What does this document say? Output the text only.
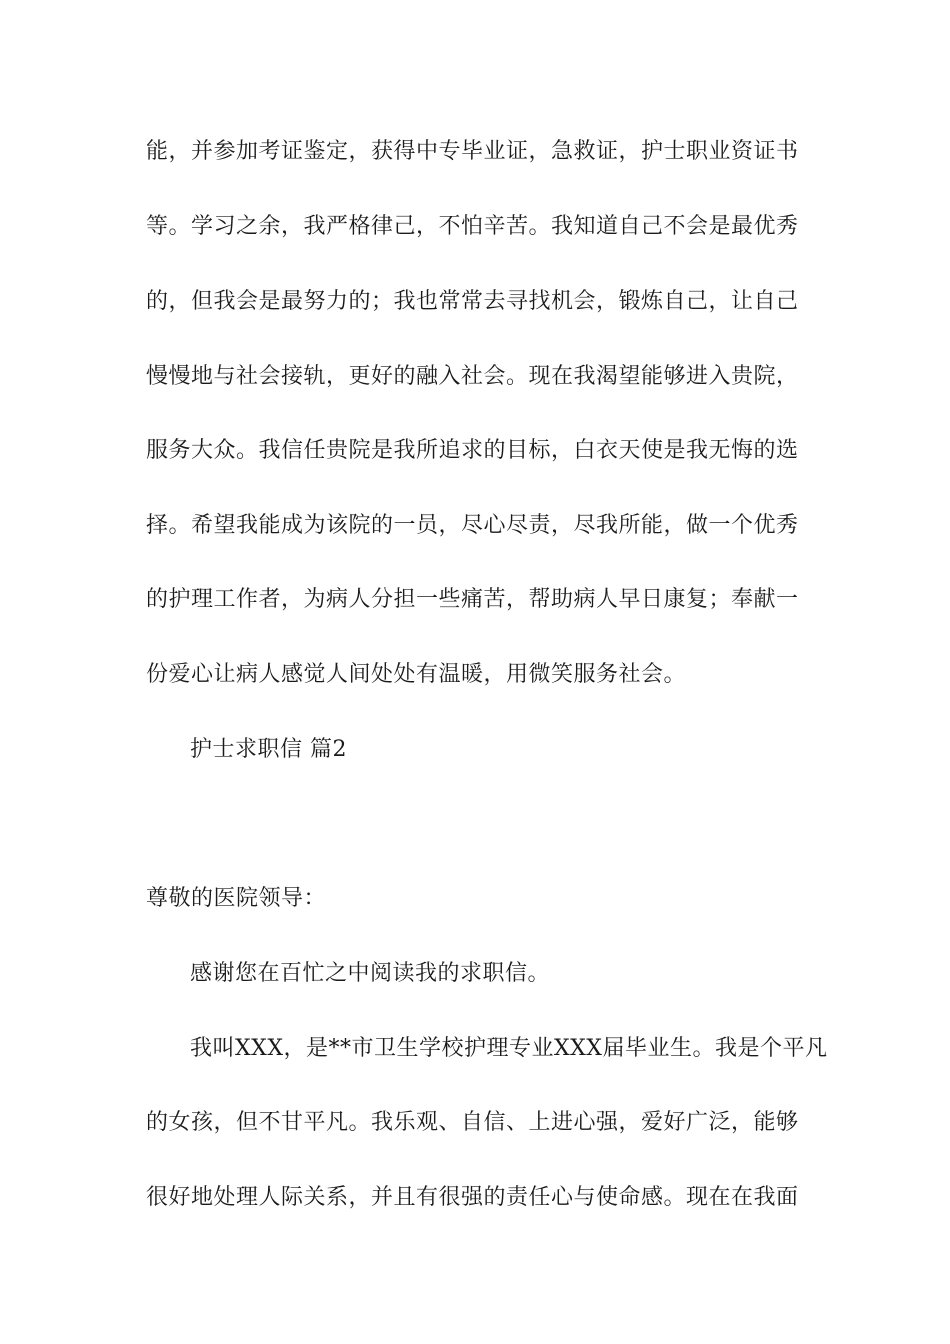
能，并参加考证鉴定，获得中专毕业证，急救证，护士职业资证书
等。学习之余，我严格律己，不怕辛苦。我知道自己不会是最优秀
的，但我会是最努力的；我也常常去寻找机会，锻炼自己，让自己
慢慢地与社会接轨，更好的融入社会。现在我渴望能够进入贵院，
服务大众。我信任贵院是我所追求的目标，白衣天使是我无悔的选
择。希望我能成为该院的一员，尽心尽责，尽我所能，做一个优秀
的护理工作者，为病人分担一些痛苦，帮助病人早日康复；奉献一
份爱心让病人感觉人间处处有温暖，用微笑服务社会。
护士求职信 篇2
尊敬的医院领导：
感谢您在百忙之中阅读我的求职信。
我叫XXX，是**市卫生学校护理专业XXX届毕业生。我是个平凡
的女孩，但不甘平凡。我乐观、自信、上进心强，爱好广泛，能够
很好地处理人际关系，并且有很强的责任心与使命感。现在在我面
